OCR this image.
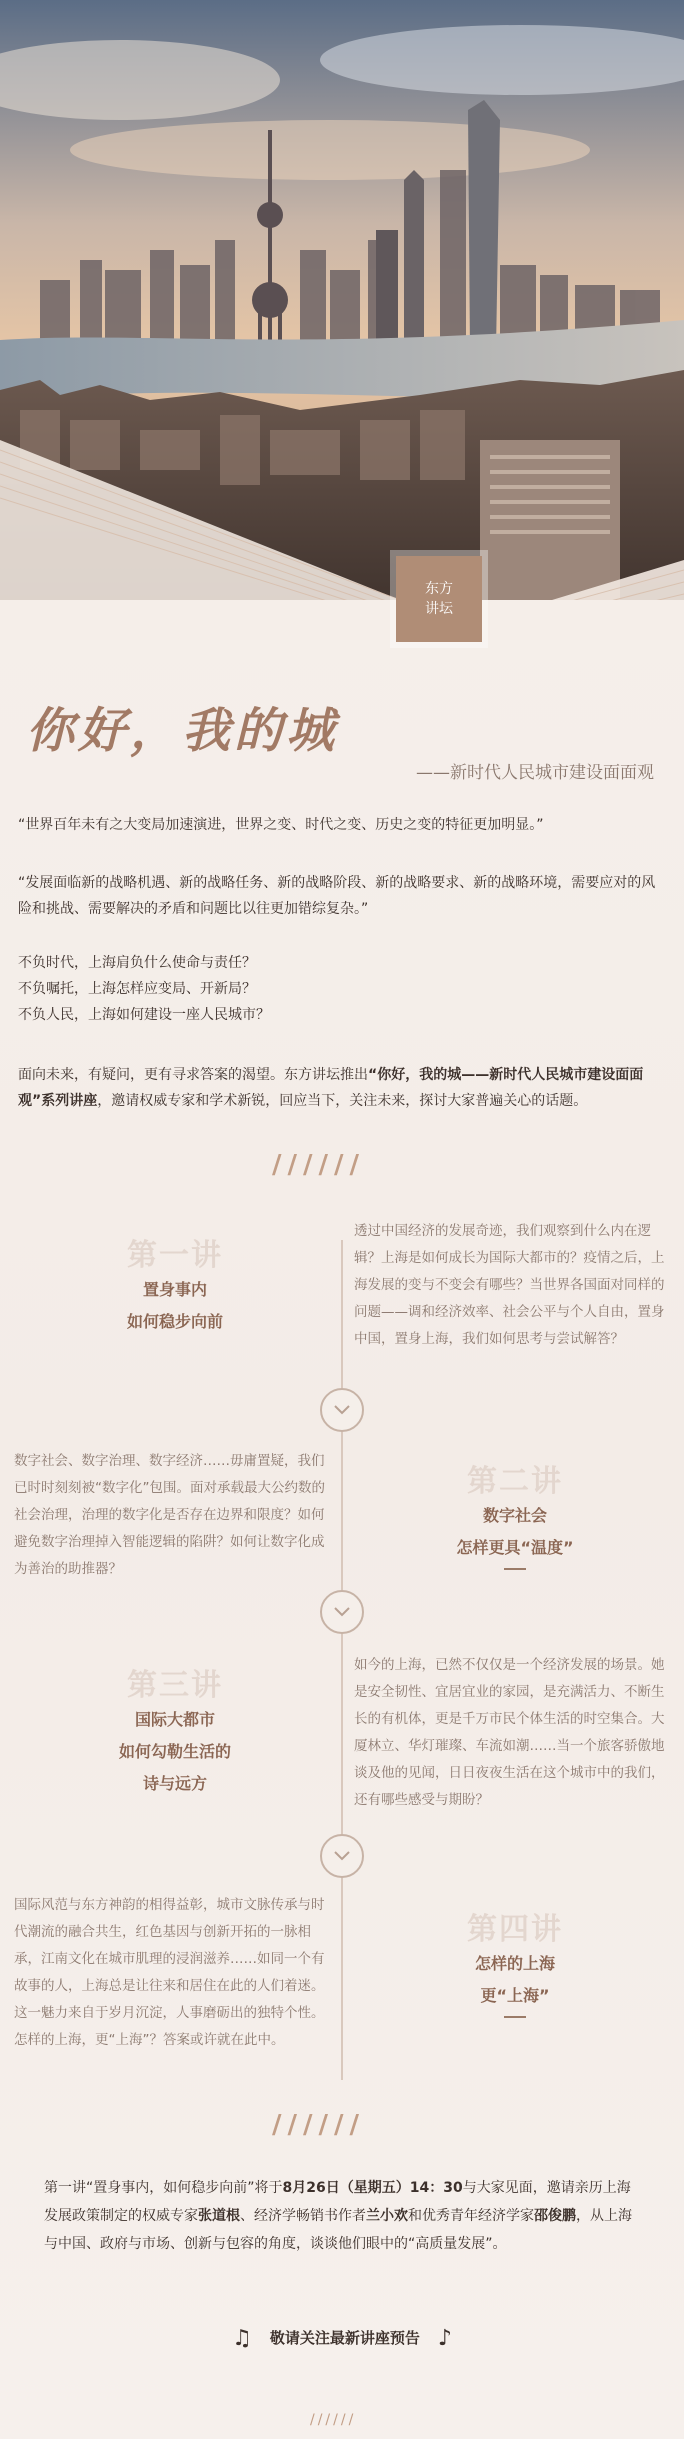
东方
讲坛
你好，我的城
——新时代人民城市建设面面观

“世界百年未有之大变局加速演进，世界之变、时代之变、历史之变的特征更加明显。”

“发展面临新的战略机遇、新的战略任务、新的战略阶段、新的战略要求、新的战略环境，需要应对的风险和挑战、需要解决的矛盾和问题比以往更加错综复杂。”

不负时代，上海肩负什么使命与责任？
不负嘱托，上海怎样应变局、开新局？
不负人民，上海如何建设一座人民城市？

面向未来，有疑问，更有寻求答案的渴望。东方讲坛推出“你好，我的城——新时代人民城市建设面面观”系列讲座，邀请权威专家和学术新锐，回应当下，关注未来，探讨大家普遍关心的话题。

//////
第一讲
置身事内
如何稳步向前

透过中国经济的发展奇迹，我们观察到什么内在逻辑？上海是如何成长为国际大都市的？疫情之后，上海发展的变与不变会有哪些？当世界各国面对同样的问题——调和经济效率、社会公平与个人自由，置身中国，置身上海，我们如何思考与尝试解答？

数字社会、数字治理、数字经济……毋庸置疑，我们已时时刻刻被“数字化”包围。面对承载最大公约数的社会治理，治理的数字化是否存在边界和限度？如何避免数字治理掉入智能逻辑的陷阱？如何让数字化成为善治的助推器？

第二讲
数字社会
怎样更具“温度”
第三讲
国际大都市
如何勾勒生活的
诗与远方

如今的上海，已然不仅仅是一个经济发展的场景。她是安全韧性、宜居宜业的家园，是充满活力、不断生长的有机体，更是千万市民个体生活的时空集合。大厦林立、华灯璀璨、车流如潮……当一个旅客骄傲地谈及他的见闻，日日夜夜生活在这个城市中的我们，还有哪些感受与期盼？

国际风范与东方神韵的相得益彰，城市文脉传承与时代潮流的融合共生，红色基因与创新开拓的一脉相承，江南文化在城市肌理的浸润滋养……如同一个有故事的人，上海总是让往来和居住在此的人们着迷。这一魅力来自于岁月沉淀，人事磨砺出的独特个性。怎样的上海，更“上海”？答案或许就在此中。

第四讲
怎样的上海
更“上海”
//////

第一讲“置身事内，如何稳步向前”将于8月26日（星期五）14：30与大家见面，邀请亲历上海发展政策制定的权威专家张道根、经济学畅销书作者兰小欢和优秀青年经济学家邵俊鹏，从上海与中国、政府与市场、创新与包容的角度，谈谈他们眼中的“高质量发展”。

♫ 敬请关注最新讲座预告 ♪
//////
